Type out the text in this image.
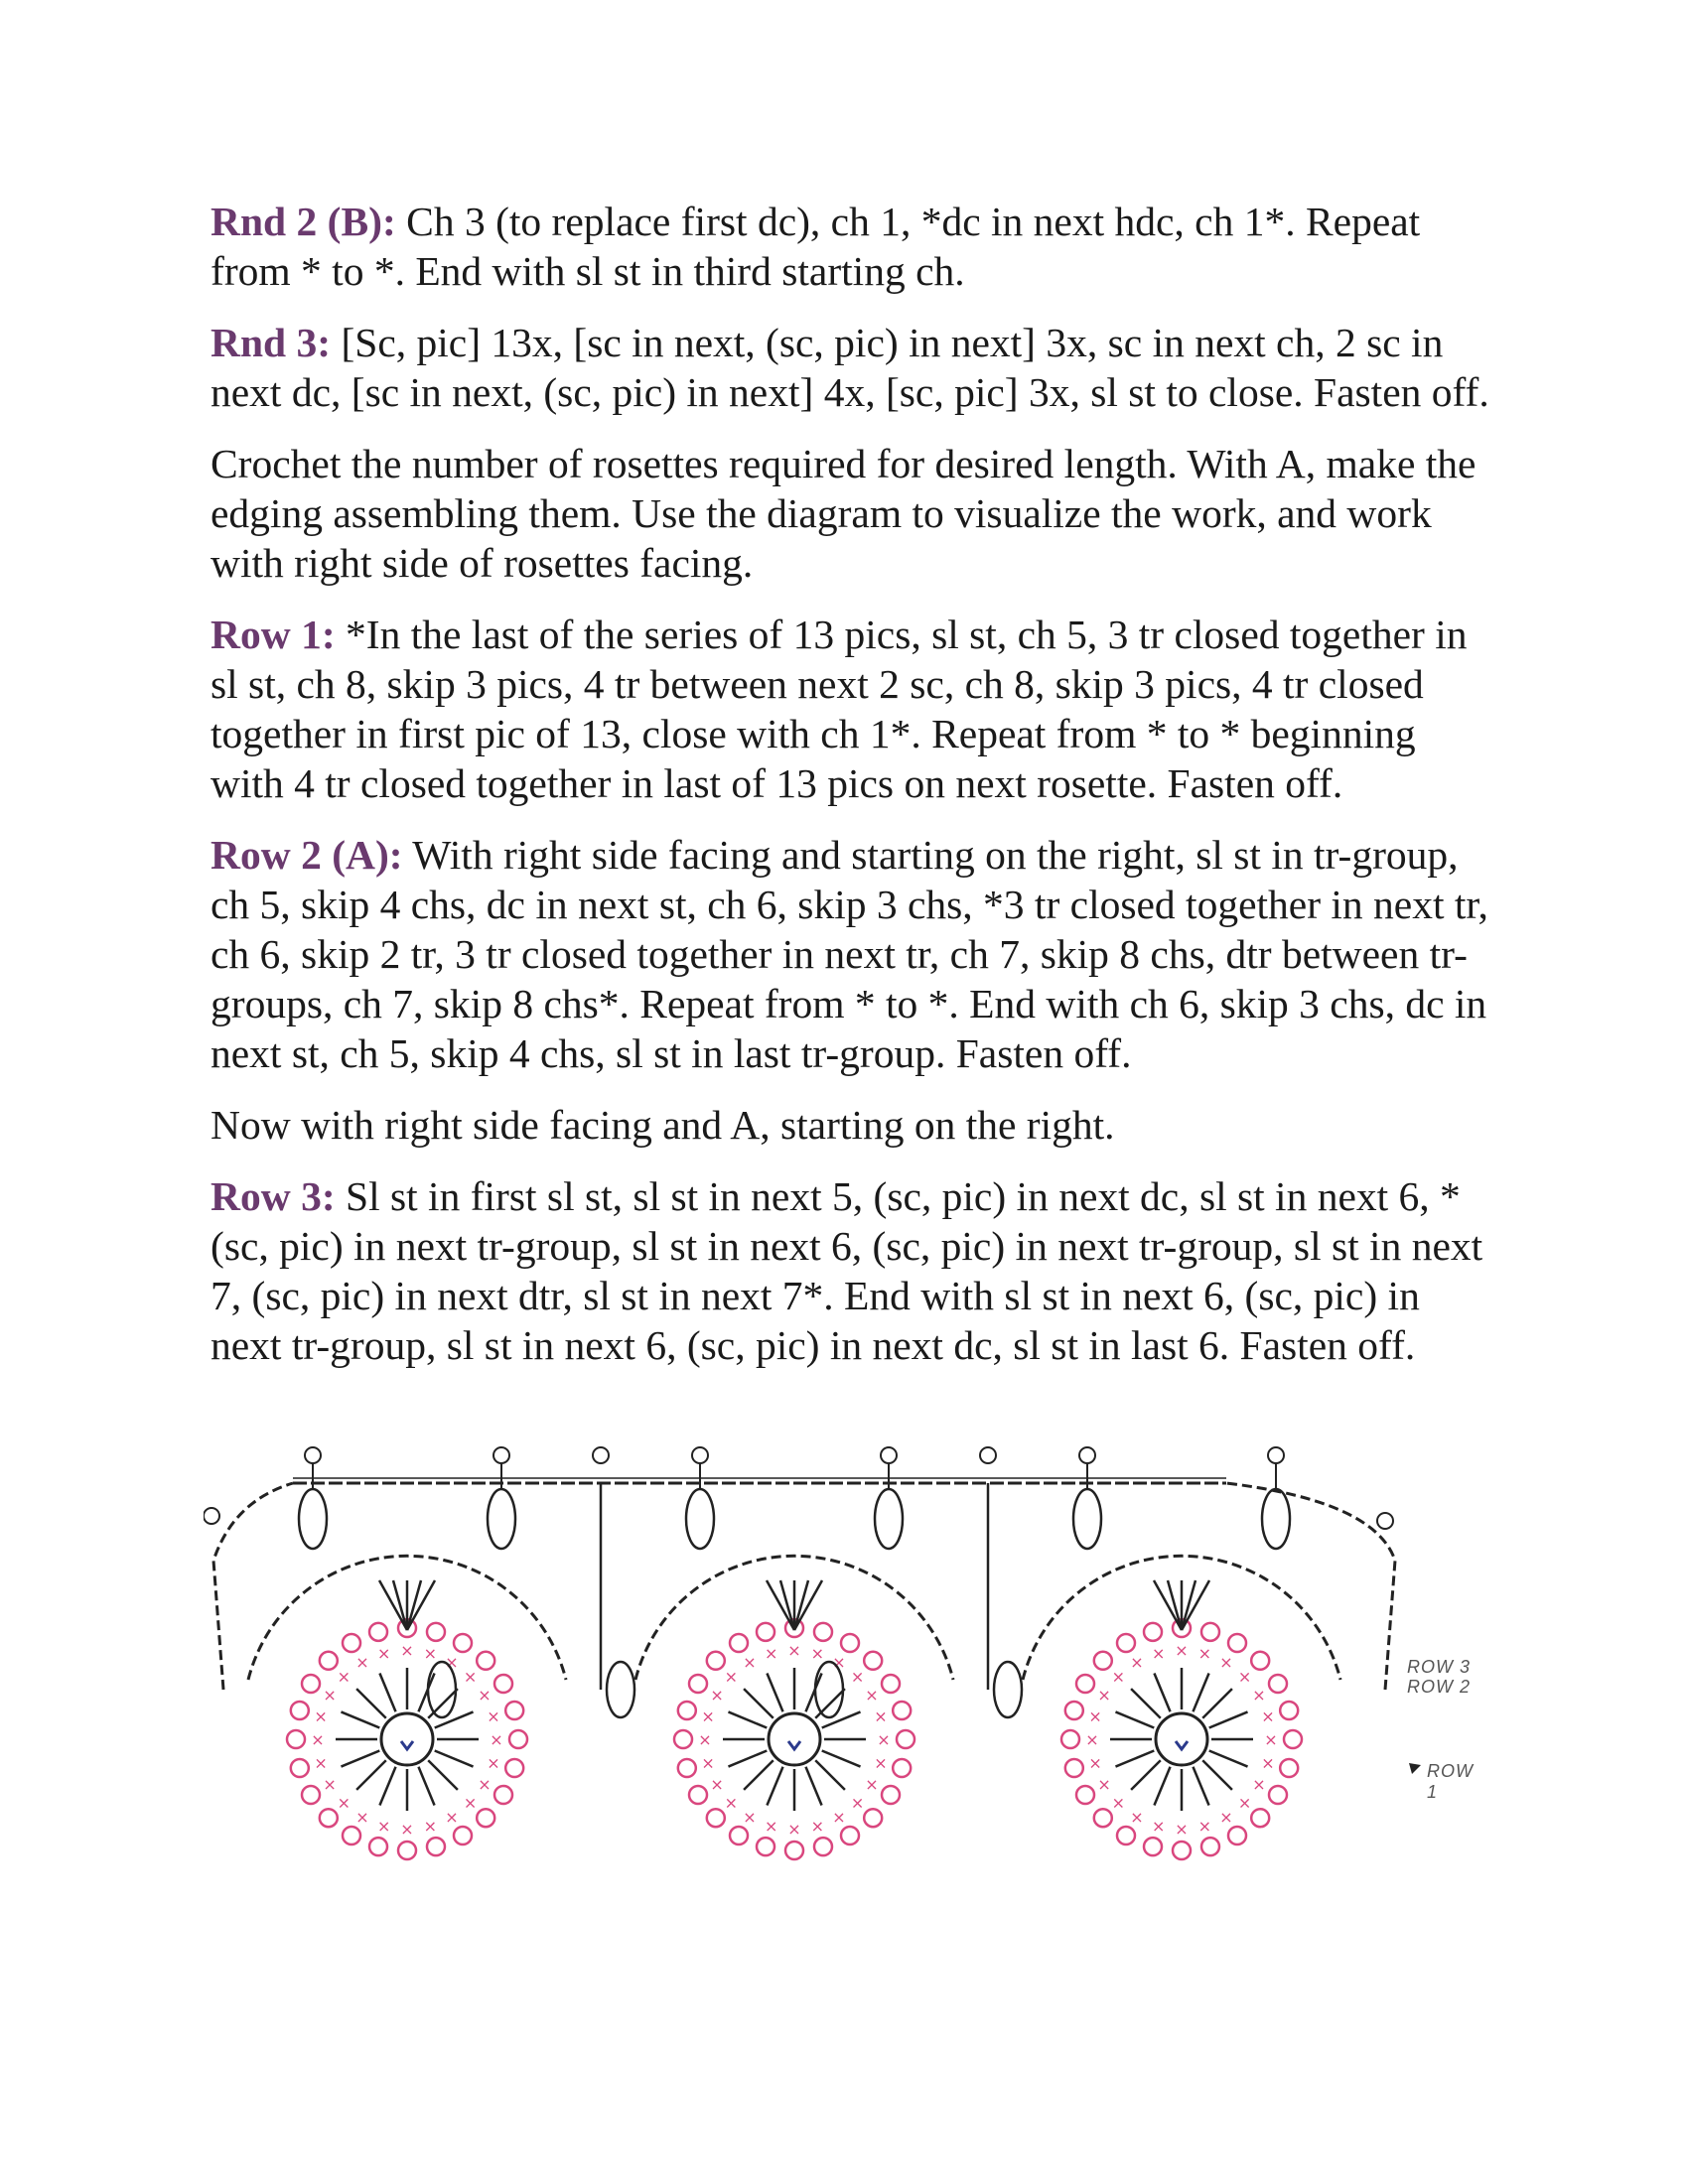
Rnd 2 (B): Ch 3 (to replace first dc), ch 1, *dc in next hdc, ch 1*. Repeat from * to *. End with sl st in third starting ch.

Rnd 3: [Sc, pic] 13x, [sc in next, (sc, pic) in next] 3x, sc in next ch, 2 sc in next dc, [sc in next, (sc, pic) in next] 4x, [sc, pic] 3x, sl st to close. Fasten off.

Crochet the number of rosettes required for desired length. With A, make the edging assembling them. Use the diagram to visualize the work, and work with right side of rosettes facing.

Row 1: *In the last of the series of 13 pics, sl st, ch 5, 3 tr closed together in sl st, ch 8, skip 3 pics, 4 tr between next 2 sc, ch 8, skip 3 pics, 4 tr closed together in first pic of 13, close with ch 1*. Repeat from * to * beginning with 4 tr closed together in last of 13 pics on next rosette. Fasten off.

Row 2 (A): With right side facing and starting on the right, sl st in tr-group, ch 5, skip 4 chs, dc in next st, ch 6, skip 3 chs, *3 tr closed together in next tr, ch 6, skip 2 tr, 3 tr closed together in next tr, ch 7, skip 8 chs, dtr between tr-groups, ch 7, skip 8 chs*. Repeat from * to *. End with ch 6, skip 3 chs, dc in next st, ch 5, skip 4 chs, sl st in last tr-group. Fasten off.

Now with right side facing and A, starting on the right.

Row 3: Sl st in first sl st, sl st in next 5, (sc, pic) in next dc, sl st in next 6, * (sc, pic) in next tr-group, sl st in next 6, (sc, pic) in next tr-group, sl st in next 7, (sc, pic) in next dtr, sl st in next 7*. End with sl st in next 6, (sc, pic) in next tr-group, sl st in next 6, (sc, pic) in next dc, sl st in last 6. Fasten off.

×
×
×
×
×
×
×
×
×
×
×
×
×
×
×
×
× × × × ×
×
×
×
×
×
×
×
×
×
×
×
×
×
×
×
×
×
×
×
× × × × ×
×
×
×
×
×
×
×
×
×
×
×
×
×
×
×
×
×
×
×
× × × × ×
×
×
×
ROW 3
ROW 2
ROW 1
